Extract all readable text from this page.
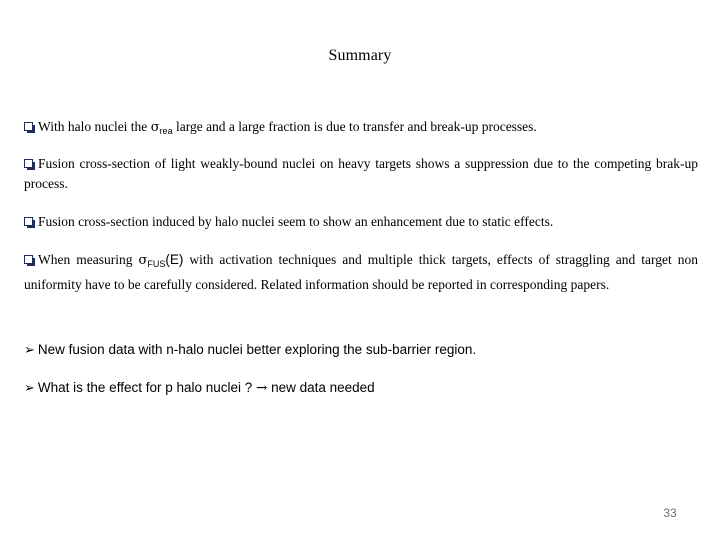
Summary
With halo nuclei the $\sigma_{rea}$ large and a large fraction is due to transfer and break-up processes.
Fusion cross-section of light weakly-bound nuclei on heavy targets shows a suppression due to the competing brak-up process.
Fusion cross-section induced by halo nuclei seem to show an enhancement due to static effects.
When measuring $\sigma_{FUS}(E)$ with activation techniques and multiple thick targets, effects of straggling and target non uniformity have to be carefully considered. Related information should be reported in corresponding papers.
➢ New fusion data with n-halo nuclei better exploring the sub-barrier region.
➢ What is the effect for p halo nuclei ? → new data needed
33
